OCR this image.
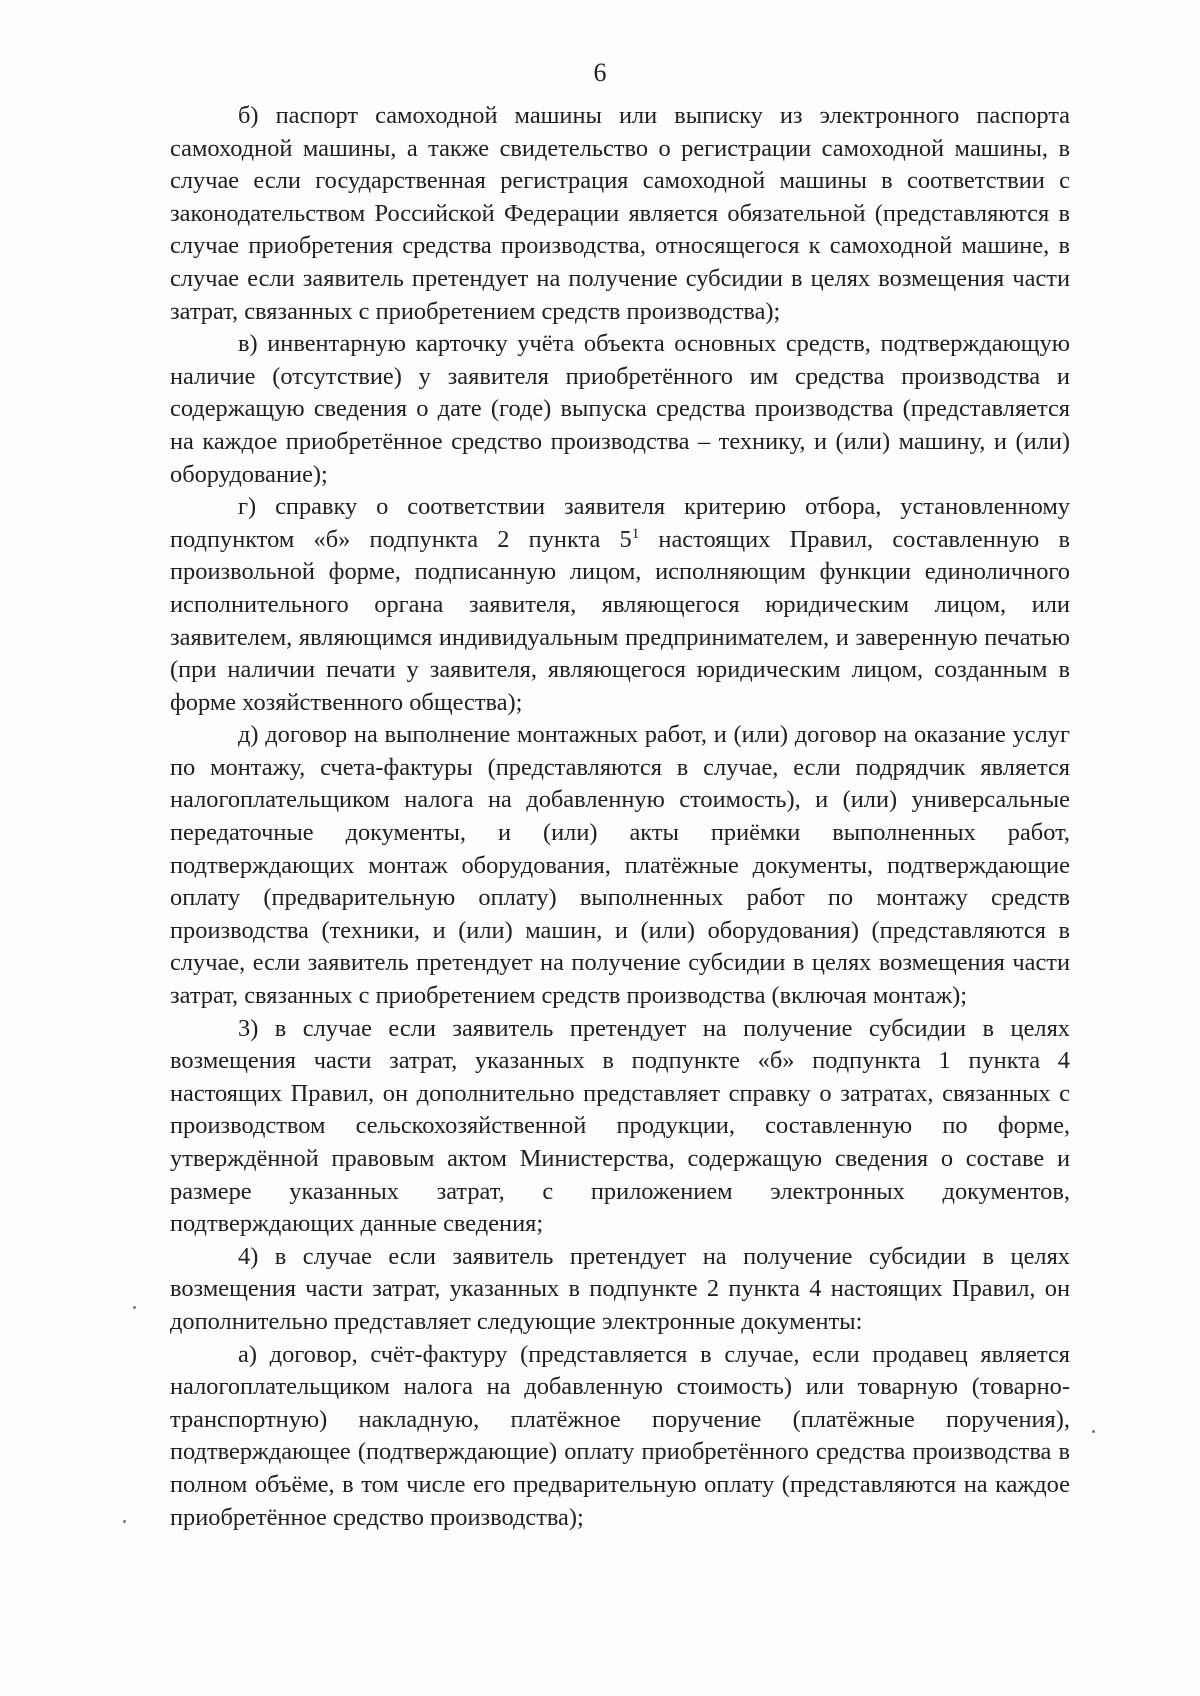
6

б) паспорт самоходной машины или выписку из электронного паспорта самоходной машины, а также свидетельство о регистрации самоходной машины, в случае если государственная регистрация самоходной машины в соответствии с законодательством Российской Федерации является обязательной (представляются в случае приобретения средства производства, относящегося к самоходной машине, в случае если заявитель претендует на получение субсидии в целях возмещения части затрат, связанных с приобретением средств производства);

в) инвентарную карточку учёта объекта основных средств, подтверждающую наличие (отсутствие) у заявителя приобретённого им средства производства и содержащую сведения о дате (годе) выпуска средства производства (представляется на каждое приобретённое средство производства – технику, и (или) машину, и (или) оборудование);

г) справку о соответствии заявителя критерию отбора, установленному подпунктом «б» подпункта 2 пункта $5^1$ настоящих Правил, составленную в произвольной форме, подписанную лицом, исполняющим функции единоличного исполнительного органа заявителя, являющегося юридическим лицом, или заявителем, являющимся индивидуальным предпринимателем, и заверенную печатью (при наличии печати у заявителя, являющегося юридическим лицом, созданным в форме хозяйственного общества);

д) договор на выполнение монтажных работ, и (или) договор на оказание услуг по монтажу, счета-фактуры (представляются в случае, если подрядчик является налогоплательщиком налога на добавленную стоимость), и (или) универсальные передаточные документы, и (или) акты приёмки выполненных работ, подтверждающих монтаж оборудования, платёжные документы, подтверждающие оплату (предварительную оплату) выполненных работ по монтажу средств производства (техники, и (или) машин, и (или) оборудования) (представляются в случае, если заявитель претендует на получение субсидии в целях возмещения части затрат, связанных с приобретением средств производства (включая монтаж);

3) в случае если заявитель претендует на получение субсидии в целях возмещения части затрат, указанных в подпункте «б» подпункта 1 пункта 4 настоящих Правил, он дополнительно представляет справку о затратах, связанных с производством сельскохозяйственной продукции, составленную по форме, утверждённой правовым актом Министерства, содержащую сведения о составе и размере указанных затрат, с приложением электронных документов, подтверждающих данные сведения;

4) в случае если заявитель претендует на получение субсидии в целях возмещения части затрат, указанных в подпункте 2 пункта 4 настоящих Правил, он дополнительно представляет следующие электронные документы:

а) договор, счёт-фактуру (представляется в случае, если продавец является налогоплательщиком налога на добавленную стоимость) или товарную (товарно-транспортную) накладную, платёжное поручение (платёжные поручения), подтверждающее (подтверждающие) оплату приобретённого средства производства в полном объёме, в том числе его предварительную оплату (представляются на каждое приобретённое средство производства);
